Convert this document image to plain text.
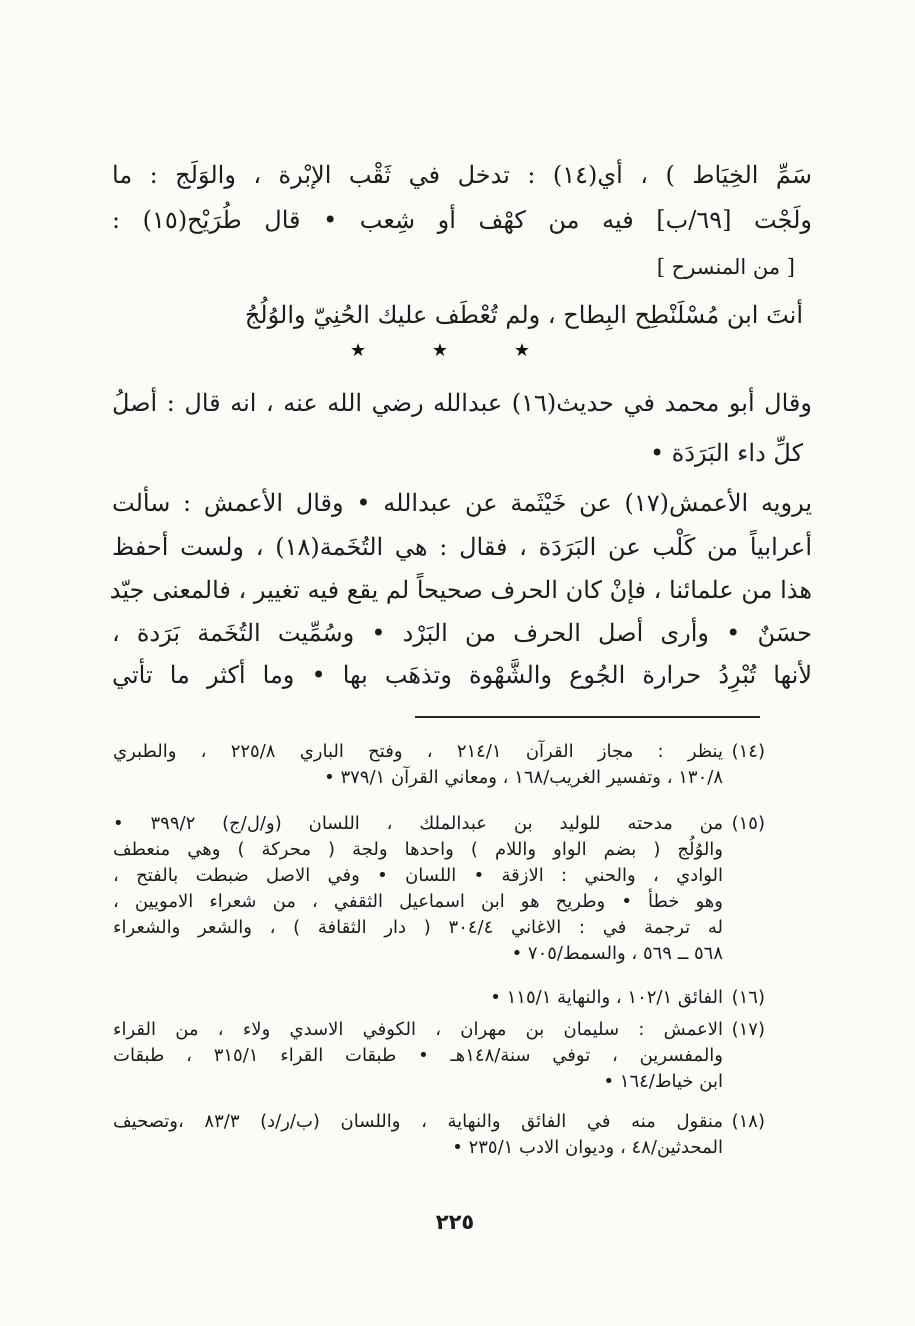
سَمِّ الخِيَاط ) ، أي(١٤) : تدخل في ثَقْب الإبْرة ، والوَلَج : ما
ولَجْت [٦٩/ب] فيه من كهْف أو شِعب • قال طُرَيْح(١٥) :
[ من المنسرح ]
أنتَ ابن مُسْلَنْطِح البِطاح ، ولم تُعْطَف عليك الحُنِيّ والوُلُجُ
★	★	★
وقال أبو محمد في حديث(١٦) عبدالله رضي الله عنه ، انه قال : أصلُ
كلِّ داء البَرَدَة •
يرويه الأعمش(١٧) عن خَيْثَمة عن عبدالله • وقال الأعمش : سألت
أعرابياً من كَلْب عن البَرَدَة ، فقال : هي التُخَمة(١٨) ، ولست أحفظ
هذا من علمائنا ، فإنْ كان الحرف صحيحاً لم يقع فيه تغيير ، فالمعنى جيّد
حسَنٌ • وأرى أصل الحرف من البَرْد • وسُمِّيت التُخَمة بَرَدة ،
لأنها تُبْرِدُ حرارة الجُوع والشَّهْوة وتذهَب بها • وما أكثر ما تأتي
(١٤)
ينظر : مجاز القرآن ٢١٤/١ ، وفتح الباري ٢٢٥/٨ ، والطبري
١٣٠/٨ ، وتفسير الغريب/١٦٨ ، ومعاني القرآن ٣٧٩/١ •
(١٥)
من مدحته للوليد بن عبدالملك ، اللسان (و/ل/ج) ٣٩٩/٢ •
والوُلُج ( بضم الواو واللام ) واحدها ولجة ( محركة ) وهي منعطف
الوادي ، والحني : الازقة • اللسان • وفي الاصل ضبطت بالفتح ،
وهو خطأ • وطريح هو ابن اسماعيل الثقفي ، من شعراء الامويين ،
له ترجمة في : الاغاني ٣٠٤/٤ ( دار الثقافة ) ، والشعر والشعراء
٥٦٨ ــ ٥٦٩ ، والسمط/٧٠٥ •
(١٦)
الفائق ١٠٢/١ ، والنهاية ١١٥/١ •
(١٧)
الاعمش : سليمان بن مهران ، الكوفي الاسدي ولاء ، من القراء
والمفسرين ، توفي سنة/١٤٨هـ • طبقات القراء ٣١٥/١ ، طبقات
ابن خياط/١٦٤ •
(١٨)
منقول منه في الفائق والنهاية ، واللسان (ب/ر/د) ٨٣/٣ ،وتصحيف
المحدثين/٤٨ ، وديوان الادب ٢٣٥/١ •
٢٢٥
